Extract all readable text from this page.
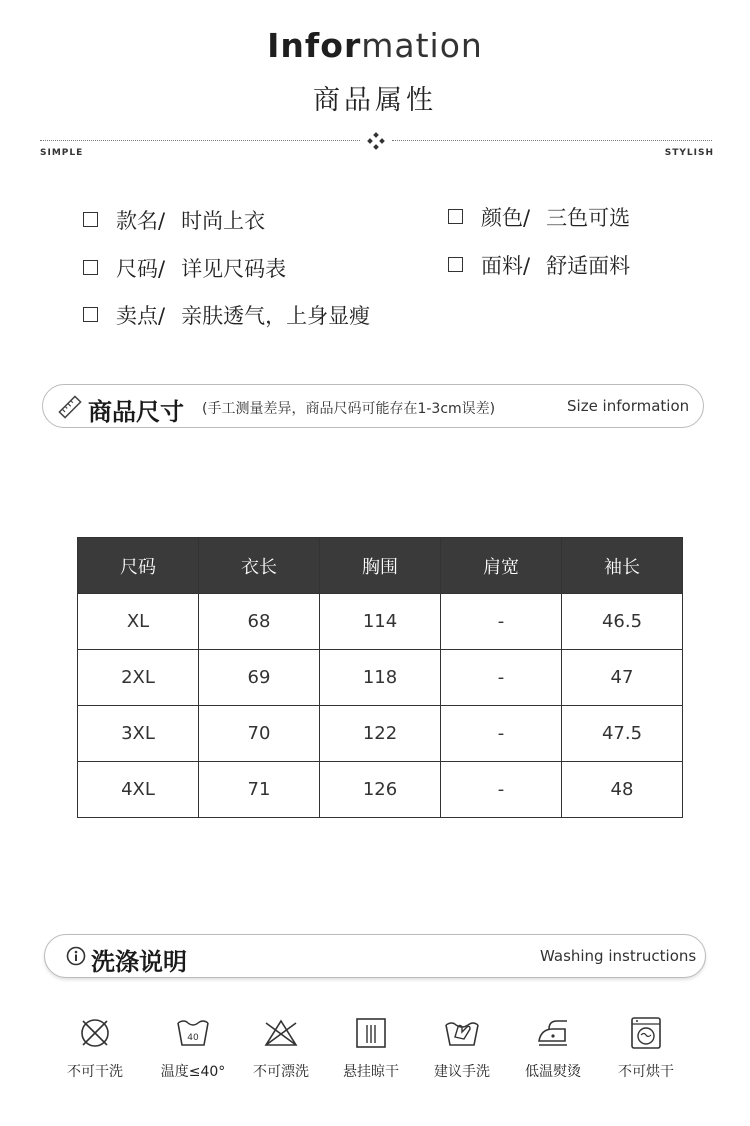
Information
商品属性
SIMPLE	STYLISH
款名/ 时尚上衣
尺码/ 详见尺码表
卖点/ 亲肤透气，上身显瘦
颜色/ 三色可选
面料/ 舒适面料
商品尺寸 (手工测量差异，商品尺码可能存在1-3cm误差)	Size information
尺码	衣长	胸围	肩宽	袖长
XL	68	114	-	46.5
2XL	69	118	-	47
3XL	70	122	-	47.5
4XL	71	126	-	48
洗涤说明	Washing instructions
不可干洗
40
温度≤40°	不可漂洗	悬挂晾干	建议手洗	低温熨烫	不可烘干
